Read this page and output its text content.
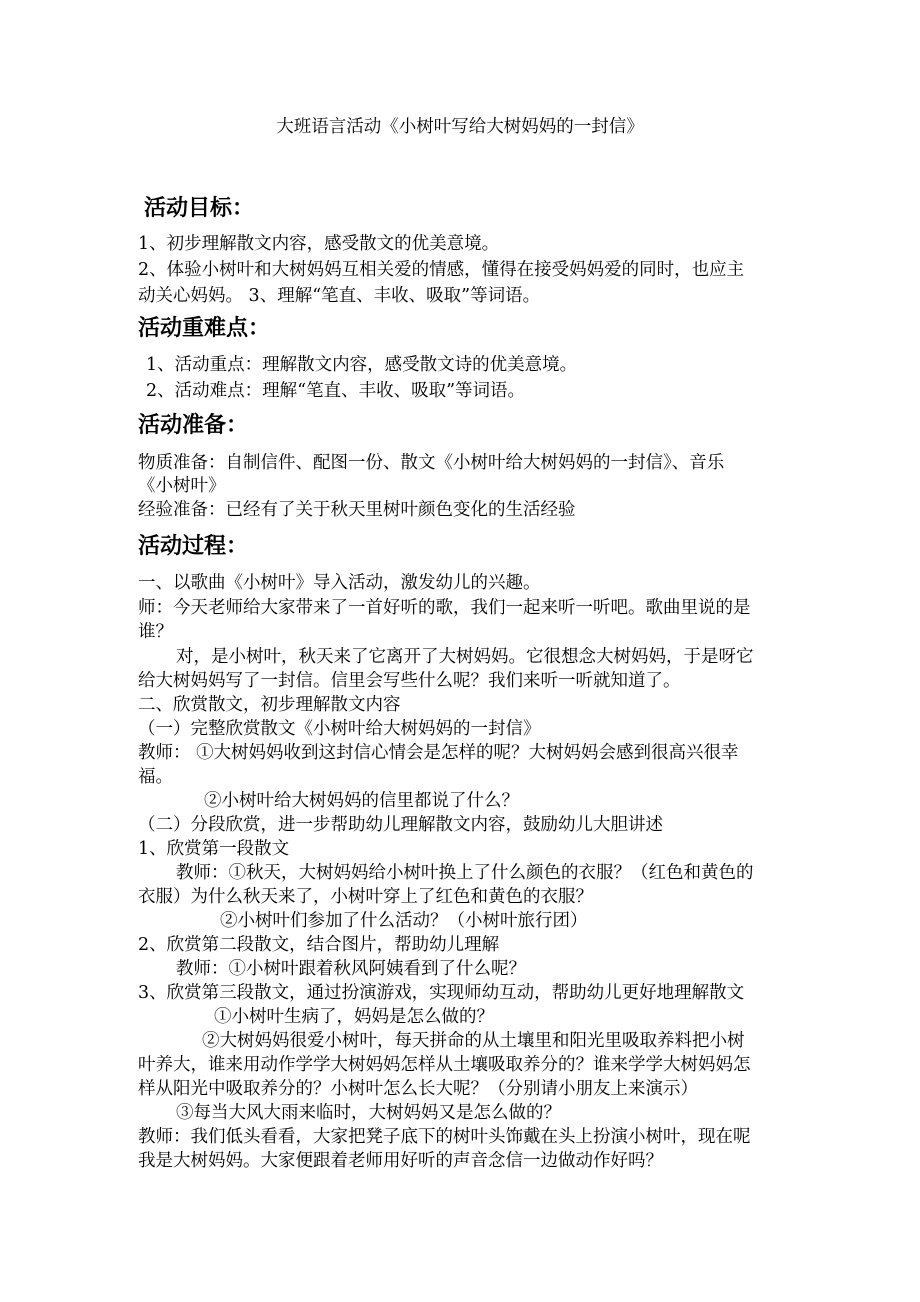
大班语言活动《小树叶写给大树妈妈的一封信》
活动目标：
1、初步理解散文内容，感受散文的优美意境。
2、体验小树叶和大树妈妈互相关爱的情感，懂得在接受妈妈爱的同时，也应主
动关心妈妈。 3、理解“笔直、丰收、吸取”等词语。
活动重难点：
1、活动重点：理解散文内容，感受散文诗的优美意境。
2、活动难点：理解“笔直、丰收、吸取”等词语。
活动准备：
物质准备：自制信件、配图一份、散文《小树叶给大树妈妈的一封信》、音乐
《小树叶》
经验准备：已经有了关于秋天里树叶颜色变化的生活经验
活动过程：
一、以歌曲《小树叶》导入活动，激发幼儿的兴趣。
师：今天老师给大家带来了一首好听的歌，我们一起来听一听吧。歌曲里说的是
谁？
对，是小树叶，秋天来了它离开了大树妈妈。它很想念大树妈妈，于是呀它
给大树妈妈写了一封信。信里会写些什么呢？我们来听一听就知道了。
二、欣赏散文，初步理解散文内容
（一）完整欣赏散文《小树叶给大树妈妈的一封信》
教师： ①大树妈妈收到这封信心情会是怎样的呢？大树妈妈会感到很高兴很幸
福。
②小树叶给大树妈妈的信里都说了什么？
（二）分段欣赏，进一步帮助幼儿理解散文内容，鼓励幼儿大胆讲述
1、欣赏第一段散文
教师：①秋天，大树妈妈给小树叶换上了什么颜色的衣服？（红色和黄色的
衣服）为什么秋天来了，小树叶穿上了红色和黄色的衣服？
②小树叶们参加了什么活动？（小树叶旅行团）
2、欣赏第二段散文，结合图片，帮助幼儿理解
教师：①小树叶跟着秋风阿姨看到了什么呢？
3、欣赏第三段散文，通过扮演游戏，实现师幼互动，帮助幼儿更好地理解散文
①小树叶生病了，妈妈是怎么做的？
②大树妈妈很爱小树叶，每天拼命的从土壤里和阳光里吸取养料把小树
叶养大，谁来用动作学学大树妈妈怎样从土壤吸取养分的？谁来学学大树妈妈怎
样从阳光中吸取养分的？小树叶怎么长大呢？（分别请小朋友上来演示）
③每当大风大雨来临时，大树妈妈又是怎么做的？
教师：我们低头看看，大家把凳子底下的树叶头饰戴在头上扮演小树叶，现在呢
我是大树妈妈。大家便跟着老师用好听的声音念信一边做动作好吗？
